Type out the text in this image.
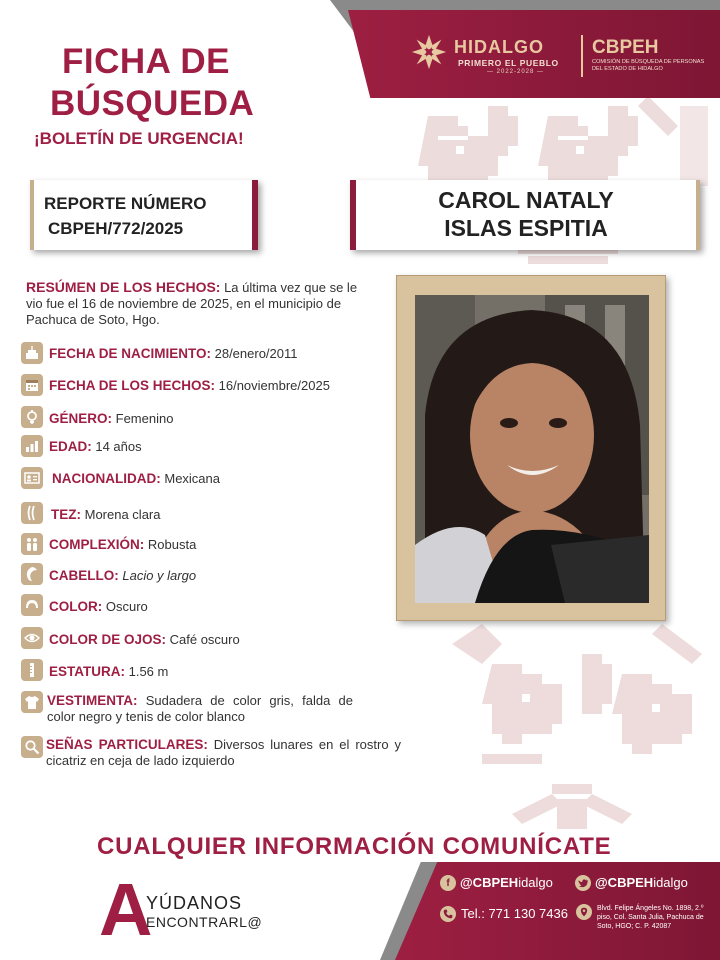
HIDALGO
PRIMERO EL PUEBLO
— 2022-2028 —
CBPEH
COMISIÓN DE BÚSQUEDA DE PERSONAS DEL ESTADO DE HIDALGO
FICHA DE
BÚSQUEDA
¡BOLETÍN DE URGENCIA!
REPORTE NÚMERO
CBPEH/772/2025
CAROL NATALY
ISLAS ESPITIA
RESÚMEN DE LOS HECHOS: La última vez que se le vio fue el 16 de noviembre de 2025, en el municipio de Pachuca de Soto, Hgo.
FECHA DE NACIMIENTO: 28/enero/2011
FECHA DE LOS HECHOS: 16/noviembre/2025
GÉNERO: Femenino
EDAD: 14 años
NACIONALIDAD: Mexicana
TEZ: Morena clara
COMPLEXIÓN: Robusta
CABELLO: Lacio y largo
COLOR: Oscuro
COLOR DE OJOS: Café oscuro
ESTATURA: 1.56 m
VESTIMENTA: Sudadera de color gris, falda de color negro y tenis de color blanco
SEÑAS PARTICULARES: Diversos lunares en el rostro y cicatriz en ceja de lado izquierdo
CUALQUIER INFORMACIÓN COMUNÍCATE
A
YÚDANOS
ENCONTRARL@
f @CBPEHidalgo	@CBPEHidalgo
Tel.: 771 130 7436	Blvd. Felipe Ángeles No. 1898, 2.º piso, Col. Santa Julia, Pachuca de Soto, HGO; C. P. 42087
